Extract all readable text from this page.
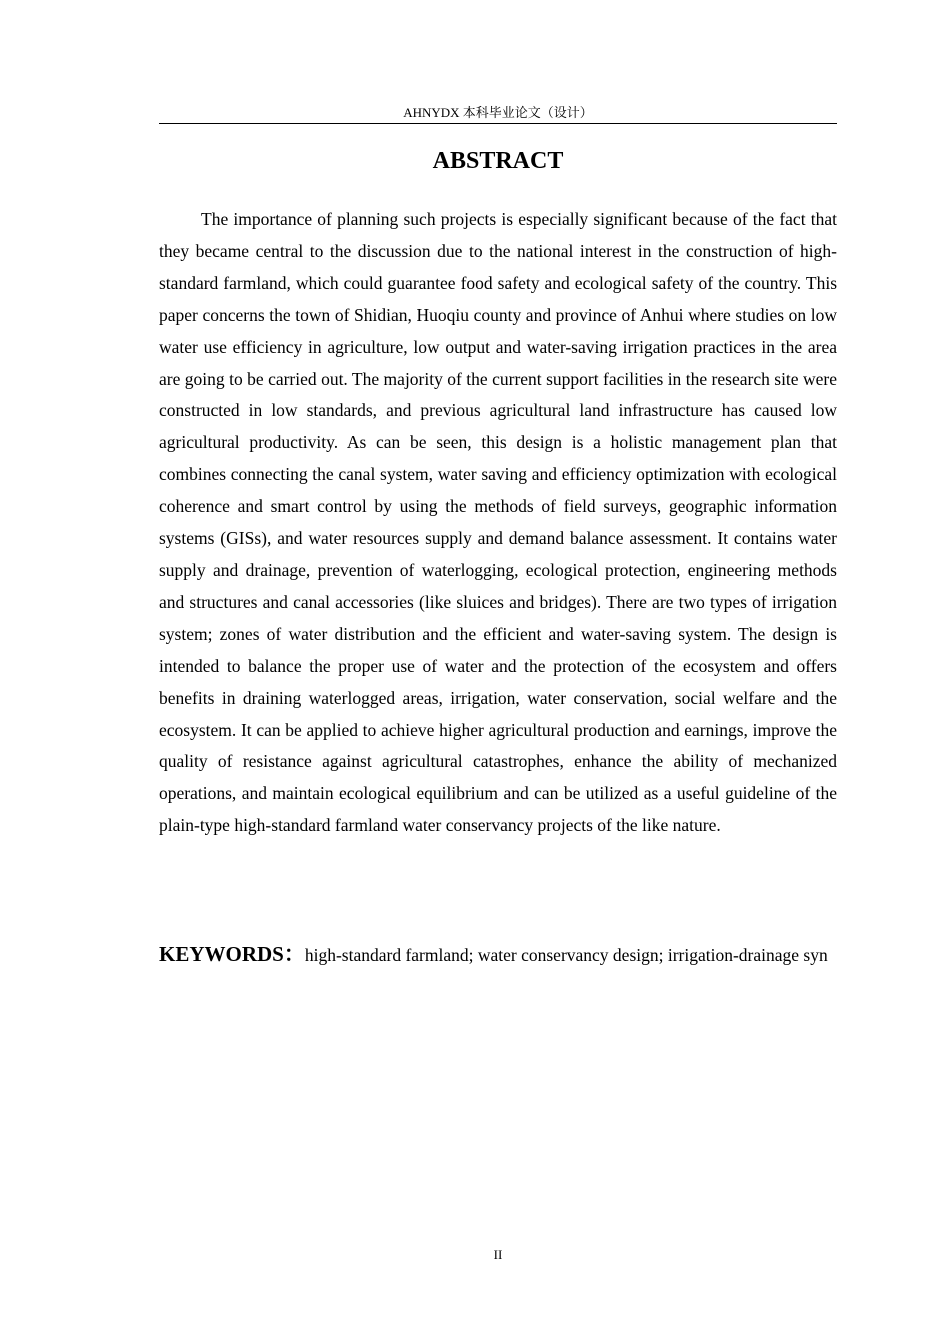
AHNYDX 本科毕业论文（设计）
ABSTRACT

The importance of planning such projects is especially significant because of the fact that they became central to the discussion due to the national interest in the construction of high-standard farmland, which could guarantee food safety and ecological safety of the country. This paper concerns the town of Shidian, Huoqiu county and province of Anhui where studies on low water use efficiency in agriculture, low output and water-saving irrigation practices in the area are going to be carried out. The majority of the current support facilities in the research site were constructed in low standards, and previous agricultural land infrastructure has caused low agricultural productivity. As can be seen, this design is a holistic management plan that combines connecting the canal system, water saving and efficiency optimization with ecological coherence and smart control by using the methods of field surveys, geographic information systems (GISs), and water resources supply and demand balance assessment. It contains water supply and drainage, prevention of waterlogging, ecological protection, engineering methods and structures and canal accessories (like sluices and bridges). There are two types of irrigation system; zones of water distribution and the efficient and water-saving system. The design is intended to balance the proper use of water and the protection of the ecosystem and offers benefits in draining waterlogged areas, irrigation, water conservation, social welfare and the ecosystem. It can be applied to achieve higher agricultural production and earnings, improve the quality of resistance against agricultural catastrophes, enhance the ability of mechanized operations, and maintain ecological equilibrium and can be utilized as a useful guideline of the plain-type high-standard farmland water conservancy projects of the like nature.

KEYWORDS：high-standard farmland; water conservancy design; irrigation-drainage syn

II
